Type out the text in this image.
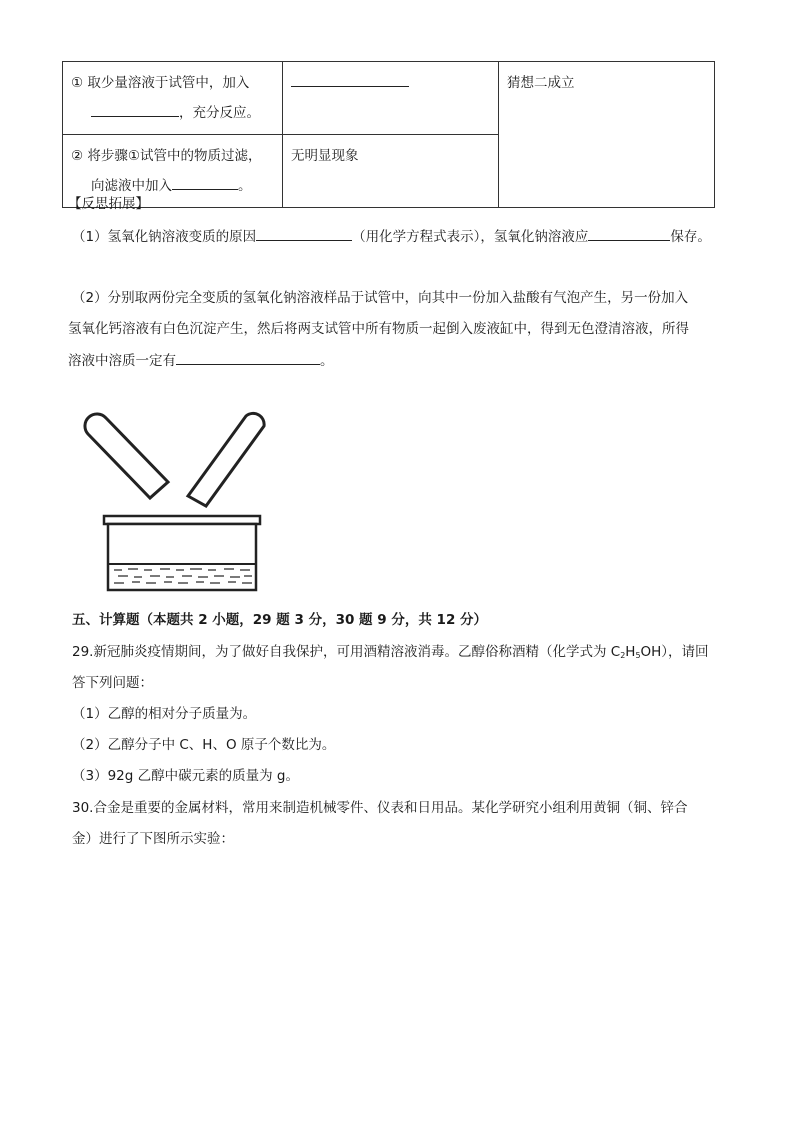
① 取少量溶液于试管中，加入
，充分反应。		猜想二成立

② 将步骤①试管中的物质过滤，
向滤液中加入 。	无明显现象	
【反思拓展】
（1）氢氧化钠溶液变质的原因	（用化学方程式表示），氢氧化钠溶液应	保存。
（2）分别取两份完全变质的氢氧化钠溶液样品于试管中，向其中一份加入盐酸有气泡产生，另一份加入
氢氧化钙溶液有白色沉淀产生，然后将两支试管中所有物质一起倒入废液缸中，得到无色澄清溶液，所得
溶液中溶质一定有	。
五、计算题（本题共 2 小题，29 题 3 分，30 题 9 分，共 12 分）
29.新冠肺炎疫情期间，为了做好自我保护，可用酒精溶液消毒。乙醇俗称酒精（化学式为 $C_2H_5OH$），请回
答下列问题：
（1）乙醇的相对分子质量为。
（2）乙醇分子中 C、H、O 原子个数比为。
（3）92g 乙醇中碳元素的质量为 g。
30.合金是重要的金属材料，常用来制造机械零件、仪表和日用品。某化学研究小组利用黄铜（铜、锌合
金）进行了下图所示实验：
